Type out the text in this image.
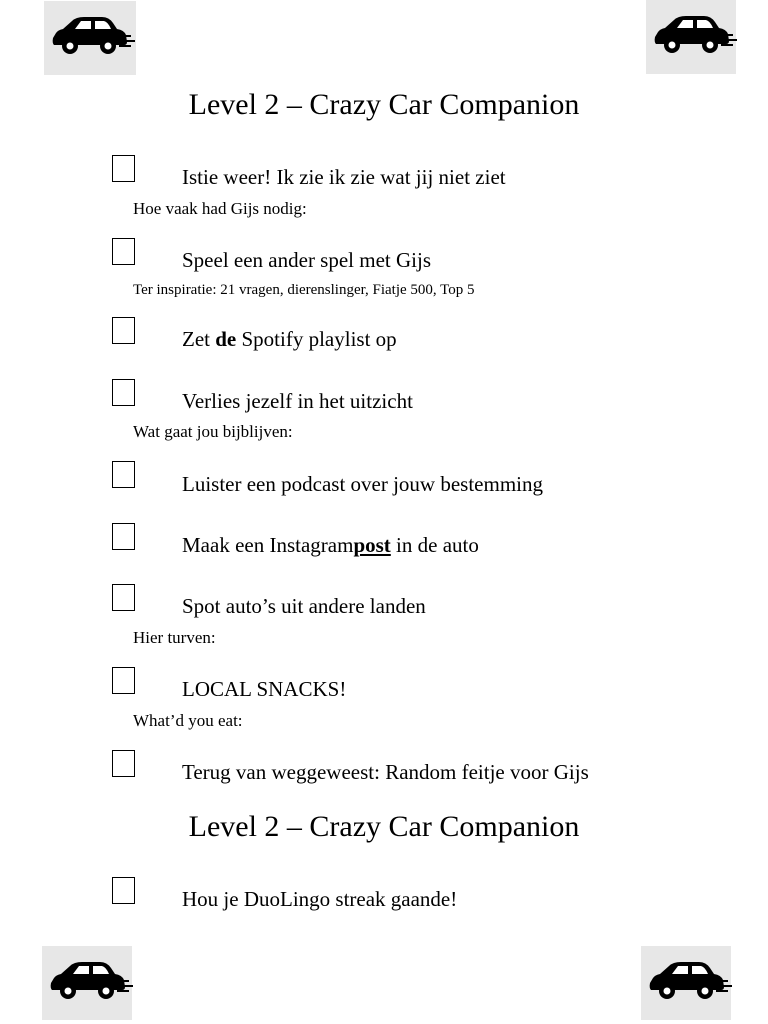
Level 2 – Crazy Car Companion
Istie weer! Ik zie ik zie wat jij niet ziet
Hoe vaak had Gijs nodig:
Speel een ander spel met Gijs
Ter inspiratie: 21 vragen, dierenslinger, Fiatje 500, Top 5
Zet de Spotify playlist op
Verlies jezelf in het uitzicht
Wat gaat jou bijblijven:
Luister een podcast over jouw bestemming
Maak een Instagrampost in de auto
Spot auto’s uit andere landen
Hier turven:
LOCAL SNACKS!
What’d you eat:
Terug van weggeweest: Random feitje voor Gijs
Level 2 – Crazy Car Companion
Hou je DuoLingo streak gaande!
